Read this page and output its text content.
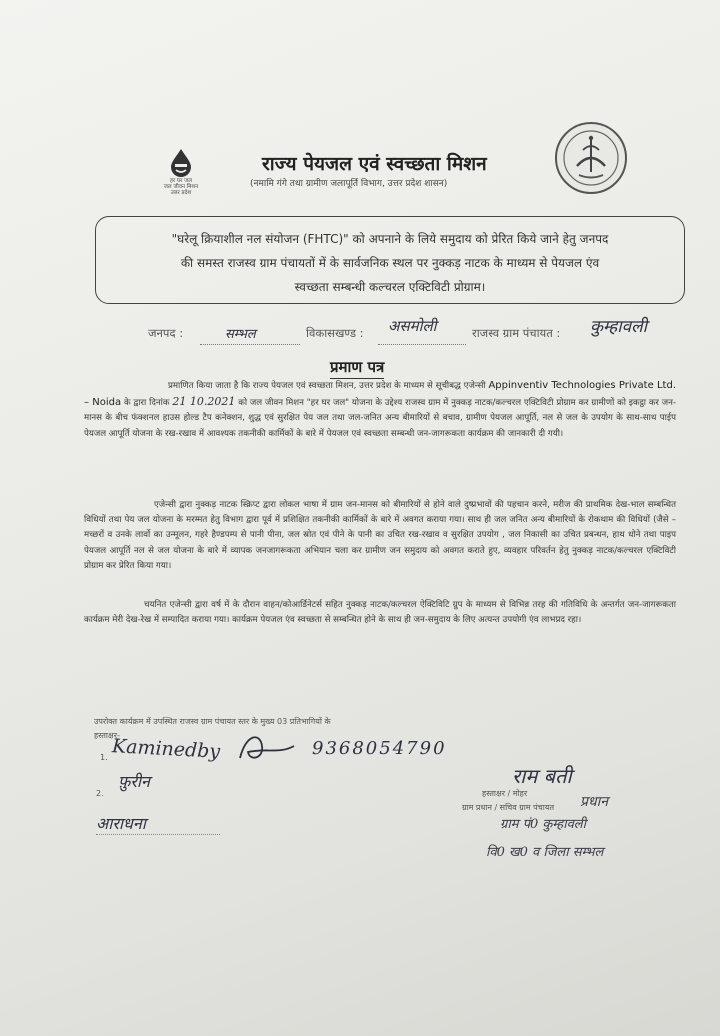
हर घर जल
जल जीवन मिशन
उत्तर प्रदेश
राज्य पेयजल एवं स्वच्छता मिशन
(नमामि गंगे तथा ग्रामीण जलापूर्ति विभाग, उत्तर प्रदेश शासन)
"घरेलू क्रियाशील नल संयोजन (FHTC)" को अपनाने के लिये समुदाय को प्रेरित किये जाने हेतु जनपद
की समस्त राजस्व ग्राम पंचायतों में के सार्वजनिक स्थल पर नुक्कड़ नाटक के माध्यम से पेयजल एंव
स्वच्छता सम्बन्धी कल्चरल एक्टिविटी प्रोग्राम।
जनपद :	सम्भल	विकासखण्ड : असमोली	राजस्व ग्राम पंचायत : कुम्हावली
प्रमाण पत्र
प्रमाणित किया जाता है कि राज्य पेयजल एवं स्वच्छता मिशन, उत्तर प्रदेश के माध्यम से सूचीबद्ध एजेन्सी Appinventiv Technologies Private Ltd. – Noida के द्वारा दिनांक 21 10.2021 को जल जीवन मिशन "हर घर जल" योजना के उद्देश्य राजस्व ग्राम में नुक्कड़ नाटक/कल्चरल एक्टिविटी प्रोग्राम कर ग्रामीणों को इकट्ठा कर जन-मानस के बीच फंक्शनल हाउस होल्ड टैप कनेक्शन, शुद्ध एवं सुरक्षित पेय जल तथा जल-जनित अन्य बीमारियों से बचाव, ग्रामीण पेयजल आपूर्ति, नल से जल के उपयोग के साथ-साथ पाईप पेयजल आपूर्ति योजना के रख-रखाव में आवश्यक तकनीकी कार्मिकों के बारे में पेयजल एवं स्वच्छता सम्बन्धी जन-जागरूकता कार्यक्रम की जानकारी दी गयी।
एजेन्सी द्वारा नुक्कड़ नाटक स्क्रिप्ट द्वारा लोकल भाषा में ग्राम जन-मानस को बीमारियों से होने वाले दुष्प्रभावों की पहचान करने, मरीज की प्राथमिक देख-भाल सम्बन्धित विधियों तथा पेय जल योजना के मरम्मत हेतु विभाग द्वारा पूर्व में प्रशिक्षित तकनीकी कार्मिकों के बारे में अवगत कराया गया। साथ ही जल जनित अन्य बीमारियों के रोकथाम की विधियों (जैसे – मच्छरों व उनके लार्वो का उन्मूलन, गहरे हैण्डपम्प से पानी पीना, जल स्रोत एवं पीने के पानी का उचित रख-रखाव व सुरक्षित उपयोग , जल निकासी का उचित प्रबन्धन, हाथ धोने तथा पाइप पेयजल आपूर्ति नल से जल योजना के बारे में व्यापक जनजागरूकता अभियान चला कर ग्रामीण जन समुदाय को अवगत कराते हुए, व्यवहार परिवर्तन हेतु नुक्कड़ नाटक/कल्चरल एक्टिविटी प्रोग्राम कर प्रेरित किया गया।
चयनित एजेन्सी द्वारा वर्ष में के दौरान वाहन/कोआर्डिनेटर्स सहित नुक्कड़ नाटक/कल्चरल ऐक्टिविटि ग्रुप के माध्यम से विभिन्न तरह की गतिविधि के अन्तर्गत जन-जागरूकता कार्यक्रम मेरी देख-रेख में सम्पादित कराया गया। कार्यक्रम पेयजल एंव स्वच्छता से सम्बन्धित होने के साथ ही जन-समुदाय के लिए अत्यन्त उपयोगी एंव लाभप्रद रहा।
उपरोक्त कार्यक्रम में उपस्थित राजस्व ग्राम पंचायत स्तर के मुख्य 03 प्रतिभागियों के
हस्ताक्षर-
1. Kaminedby	9368054790
फ़ुरीन
2.
आराधना
राम बती
हस्ताक्षर / मोहर
ग्राम प्रधान / सचिव ग्राम पंचायत प्रधान
ग्राम पं0 कुम्हावली
वि0 ख0 व जिला सम्भल
